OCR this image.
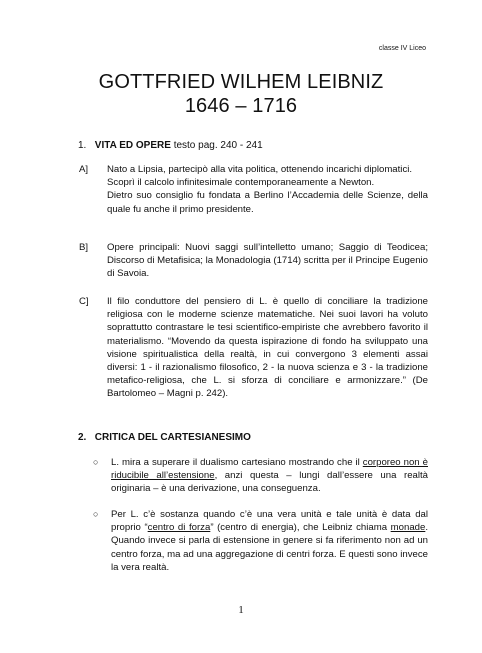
classe IV Liceo
GOTTFRIED WILHEM LEIBNIZ
1646 – 1716
1. VITA ED OPERE testo pag. 240 - 241
A] Nato a Lipsia, partecipò alla vita politica, ottenendo incarichi diplomatici.
Scoprì il calcolo infinitesimale contemporaneamente a Newton.
Dietro suo consiglio fu fondata a Berlino l’Accademia delle Scienze, della quale fu anche il primo presidente.
B] Opere principali: Nuovi saggi sull’intelletto umano; Saggio di Teodicea; Discorso di Metafisica; la Monadologia (1714) scritta per il Principe Eugenio di Savoia.
C] Il filo conduttore del pensiero di L. è quello di conciliare la tradizione religiosa con le moderne scienze matematiche. Nei suoi lavori ha voluto soprattutto contrastare le tesi scientifico-empiriste che avrebbero favorito il materialismo. “Movendo da questa ispirazione di fondo ha sviluppato una visione spiritualistica della realtà, in cui convergono 3 elementi assai diversi: 1 - il razionalismo filosofico, 2 - la nuova scienza e 3 - la tradizione metafico-religiosa, che L. si sforza di conciliare e armonizzare.” (De Bartolomeo – Magni p. 242).
2. CRITICA DEL CARTESIANESIMO
○	L. mira a superare il dualismo cartesiano mostrando che il corporeo non è riducibile all’estensione, anzi questa – lungi dall’essere una realtà originaria – è una derivazione, una conseguenza.
○	Per L. c’è sostanza quando c’è una vera unità e tale unità è data dal proprio “centro di forza” (centro di energia), che Leibniz chiama monade. Quando invece si parla di estensione in genere si fa riferimento non ad un centro forza, ma ad una aggregazione di centri forza. E questi sono invece la vera realtà.
1
